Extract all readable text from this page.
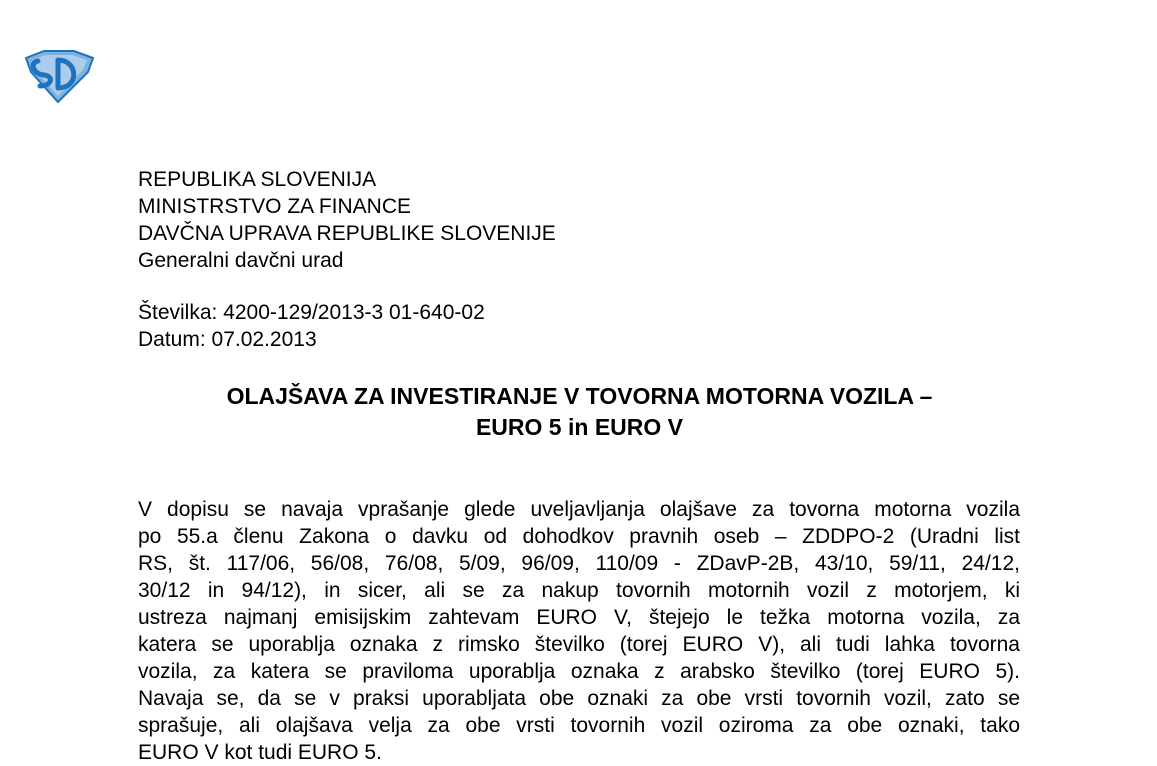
REPUBLIKA SLOVENIJA
MINISTRSTVO ZA FINANCE
DAVČNA UPRAVA REPUBLIKE SLOVENIJE
Generalni davčni urad
Številka: 4200-129/2013-3 01-640-02
Datum: 07.02.2013
OLAJŠAVA ZA INVESTIRANJE V TOVORNA MOTORNA VOZILA –
EURO 5 in EURO V
V dopisu se navaja vprašanje glede uveljavljanja olajšave za tovorna motorna vozila
po 55.a členu Zakona o davku od dohodkov pravnih oseb – ZDDPO-2 (Uradni list
RS, št. 117/06, 56/08, 76/08, 5/09, 96/09, 110/09 - ZDavP-2B, 43/10, 59/11, 24/12,
30/12 in 94/12), in sicer, ali se za nakup tovornih motornih vozil z motorjem, ki
ustreza najmanj emisijskim zahtevam EURO V, štejejo le težka motorna vozila, za
katera se uporablja oznaka z rimsko številko (torej EURO V), ali tudi lahka tovorna
vozila, za katera se praviloma uporablja oznaka z arabsko številko (torej EURO 5).
Navaja se, da se v praksi uporabljata obe oznaki za obe vrsti tovornih vozil, zato se
sprašuje, ali olajšava velja za obe vrsti tovornih vozil oziroma za obe oznaki, tako
EURO V kot tudi EURO 5.
